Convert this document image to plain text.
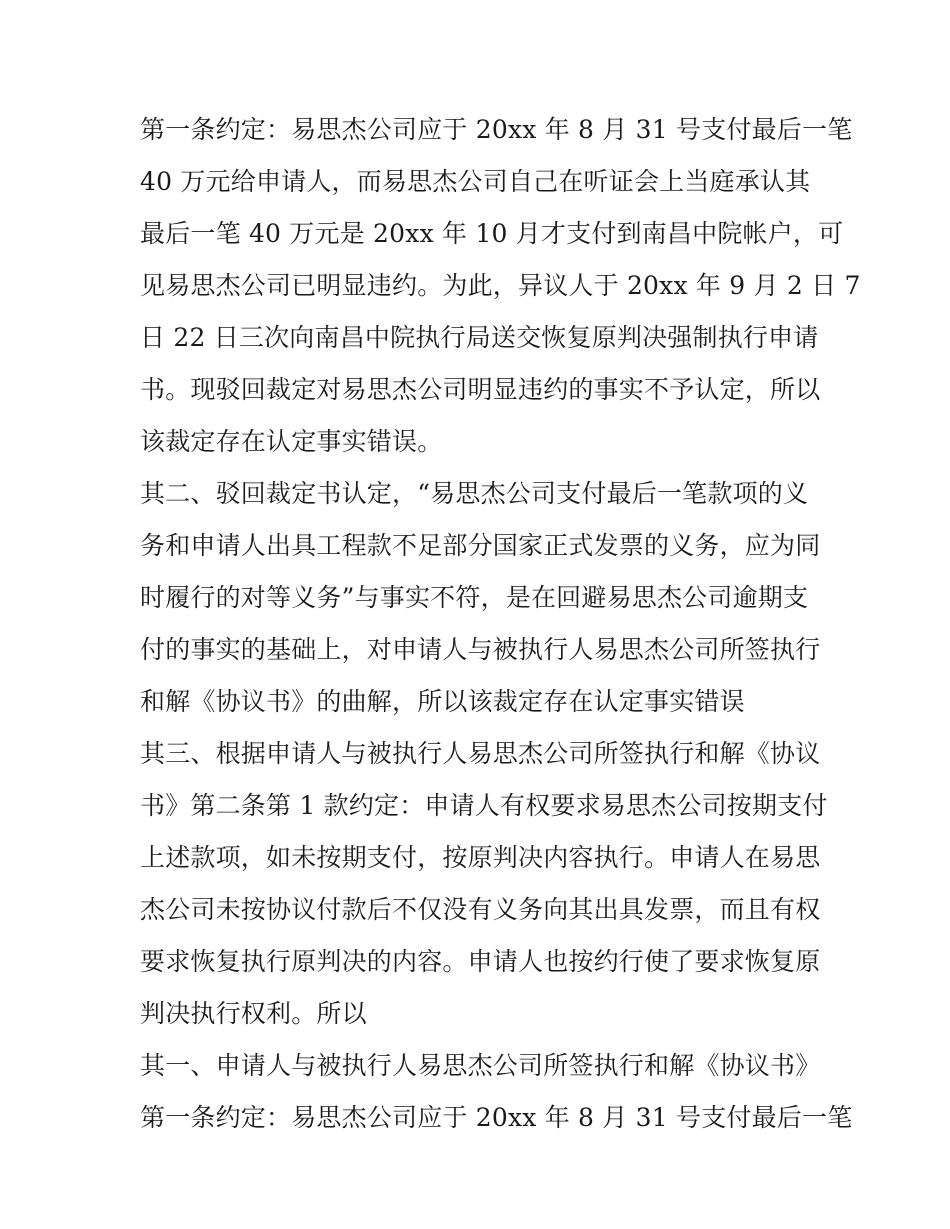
第一条约定：易思杰公司应于 20xx 年 8 月 31 号支付最后一笔
40 万元给申请人，而易思杰公司自己在听证会上当庭承认其
最后一笔 40 万元是 20xx 年 10 月才支付到南昌中院帐户，可
见易思杰公司已明显违约。为此，异议人于 20xx 年 9 月 2 日 7
日 22 日三次向南昌中院执行局送交恢复原判决强制执行申请
书。现驳回裁定对易思杰公司明显违约的事实不予认定，所以
该裁定存在认定事实错误。
其二、驳回裁定书认定，“易思杰公司支付最后一笔款项的义
务和申请人出具工程款不足部分国家正式发票的义务，应为同
时履行的对等义务”与事实不符，是在回避易思杰公司逾期支
付的事实的基础上，对申请人与被执行人易思杰公司所签执行
和解《协议书》的曲解，所以该裁定存在认定事实错误
其三、根据申请人与被执行人易思杰公司所签执行和解《协议
书》第二条第 1 款约定：申请人有权要求易思杰公司按期支付
上述款项，如未按期支付，按原判决内容执行。申请人在易思
杰公司未按协议付款后不仅没有义务向其出具发票，而且有权
要求恢复执行原判决的内容。申请人也按约行使了要求恢复原
判决执行权利。所以
其一、申请人与被执行人易思杰公司所签执行和解《协议书》
第一条约定：易思杰公司应于 20xx 年 8 月 31 号支付最后一笔
